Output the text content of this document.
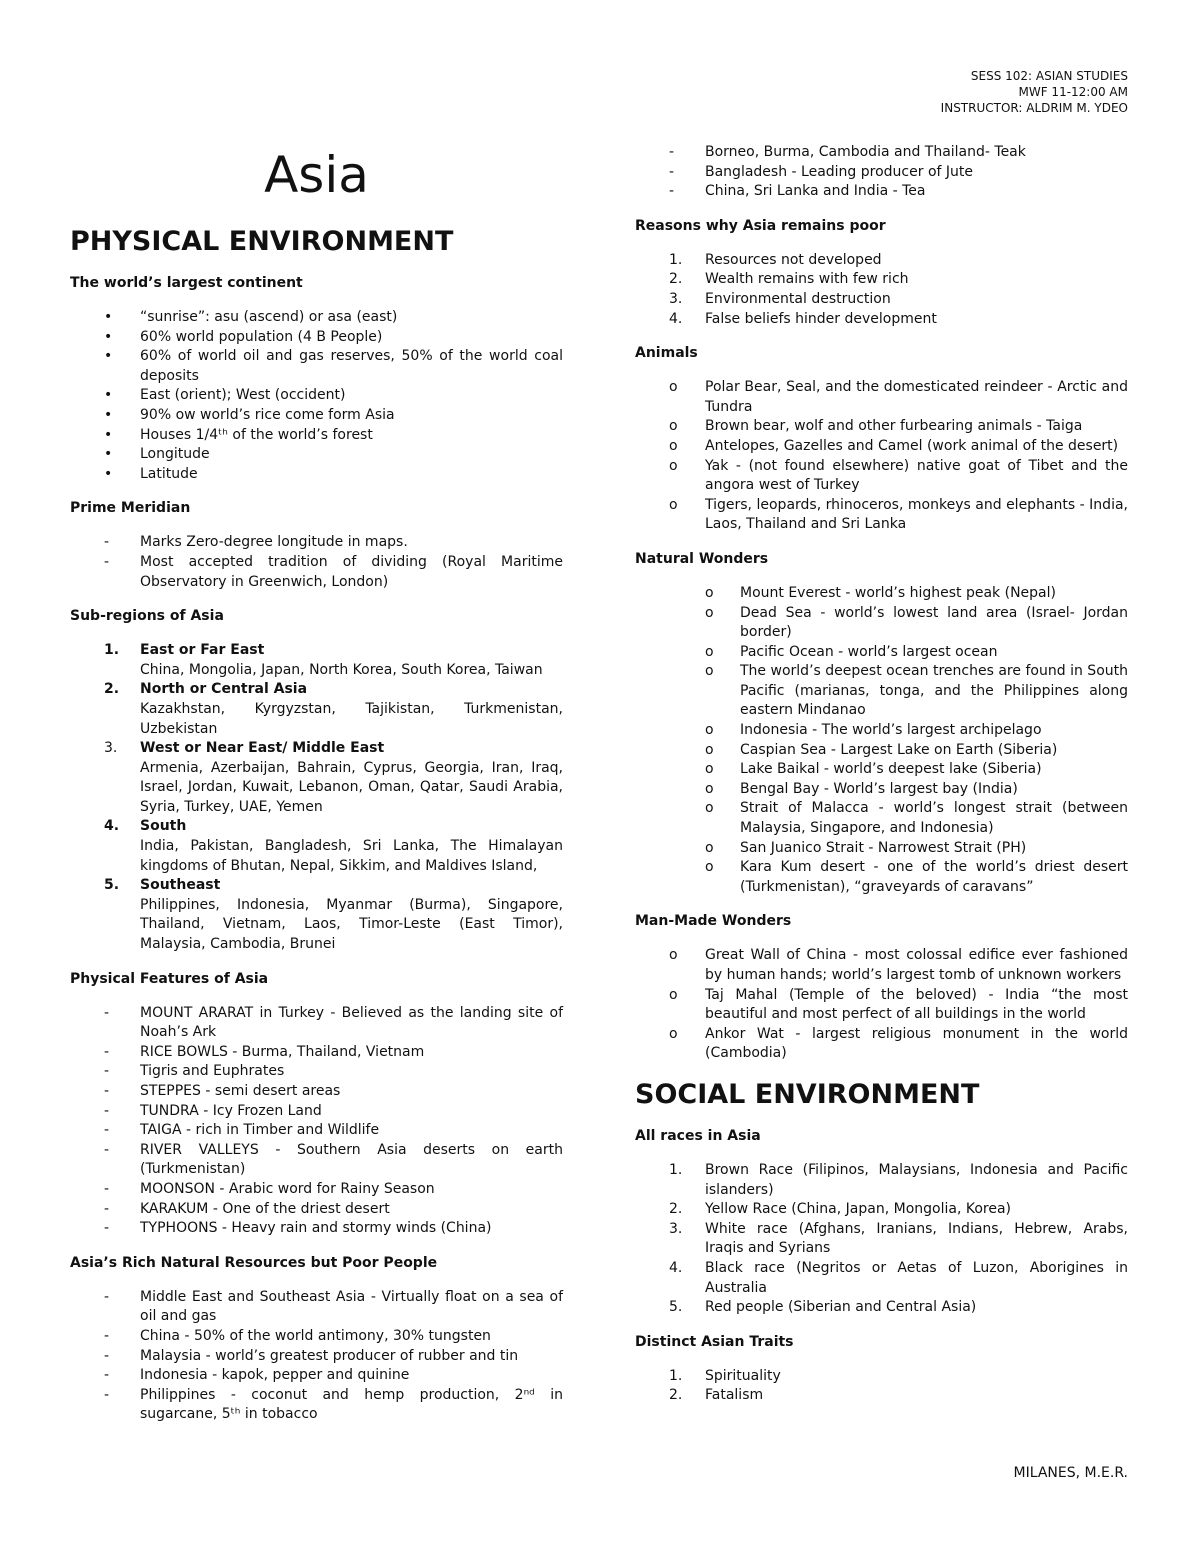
SESS 102: ASIAN STUDIES
MWF 11-12:00 AM
INSTRUCTOR: ALDRIM M. YDEO
Asia
PHYSICAL ENVIRONMENT
The world’s largest continent
• “sunrise”: asu (ascend) or asa (east)
• 60% world population (4 B People)
• 60% of world oil and gas reserves, 50% of the world coal deposits
• East (orient); West (occident)
• 90% ow world’s rice come form Asia
• Houses 1/4ᵗʰ of the world’s forest
• Longitude
• Latitude
Prime Meridian
- Marks Zero-degree longitude in maps.
- Most accepted tradition of dividing (Royal Maritime Observatory in Greenwich, London)
Sub-regions of Asia
1. East or Far East
China, Mongolia, Japan, North Korea, South Korea, Taiwan
2. North or Central Asia
Kazakhstan, Kyrgyzstan, Tajikistan, Turkmenistan, Uzbekistan
3. West or Near East/ Middle East
Armenia, Azerbaijan, Bahrain, Cyprus, Georgia, Iran, Iraq, Israel, Jordan, Kuwait, Lebanon, Oman, Qatar, Saudi Arabia, Syria, Turkey, UAE, Yemen
4. South
India, Pakistan, Bangladesh, Sri Lanka, The Himalayan kingdoms of Bhutan, Nepal, Sikkim, and Maldives Island,
5. Southeast
Philippines, Indonesia, Myanmar (Burma), Singapore, Thailand, Vietnam, Laos, Timor-Leste (East Timor), Malaysia, Cambodia, Brunei
Physical Features of Asia
- MOUNT ARARAT in Turkey - Believed as the landing site of Noah’s Ark
- RICE BOWLS - Burma, Thailand, Vietnam
- Tigris and Euphrates
- STEPPES - semi desert areas
- TUNDRA - Icy Frozen Land
- TAIGA - rich in Timber and Wildlife
- RIVER VALLEYS - Southern Asia deserts on earth (Turkmenistan)
- MOONSON - Arabic word for Rainy Season
- KARAKUM - One of the driest desert
- TYPHOONS - Heavy rain and stormy winds (China)
Asia’s Rich Natural Resources but Poor People
- Middle East and Southeast Asia - Virtually float on a sea of oil and gas
- China - 50% of the world antimony, 30% tungsten
- Malaysia - world’s greatest producer of rubber and tin
- Indonesia - kapok, pepper and quinine
- Philippines - coconut and hemp production, 2ⁿᵈ in sugarcane, 5ᵗʰ in tobacco
- Borneo, Burma, Cambodia and Thailand- Teak
- Bangladesh - Leading producer of Jute
- China, Sri Lanka and India - Tea
Reasons why Asia remains poor
1. Resources not developed
2. Wealth remains with few rich
3. Environmental destruction
4. False beliefs hinder development
Animals
o Polar Bear, Seal, and the domesticated reindeer - Arctic and Tundra
o Brown bear, wolf and other furbearing animals - Taiga
o Antelopes, Gazelles and Camel (work animal of the desert)
o Yak - (not found elsewhere) native goat of Tibet and the angora west of Turkey
o Tigers, leopards, rhinoceros, monkeys and elephants - India, Laos, Thailand and Sri Lanka
Natural Wonders
o Mount Everest - world’s highest peak (Nepal)
o Dead Sea - world’s lowest land area (Israel- Jordan border)
o Pacific Ocean - world’s largest ocean
o The world’s deepest ocean trenches are found in South Pacific (marianas, tonga, and the Philippines along eastern Mindanao
o Indonesia - The world’s largest archipelago
o Caspian Sea - Largest Lake on Earth (Siberia)
o Lake Baikal - world’s deepest lake (Siberia)
o Bengal Bay - World’s largest bay (India)
o Strait of Malacca - world’s longest strait (between Malaysia, Singapore, and Indonesia)
o San Juanico Strait - Narrowest Strait (PH)
o Kara Kum desert - one of the world’s driest desert (Turkmenistan), “graveyards of caravans”
Man-Made Wonders
o Great Wall of China - most colossal edifice ever fashioned by human hands; world’s largest tomb of unknown workers
o Taj Mahal (Temple of the beloved) - India “the most beautiful and most perfect of all buildings in the world
o Ankor Wat - largest religious monument in the world (Cambodia)
SOCIAL ENVIRONMENT
All races in Asia
1. Brown Race (Filipinos, Malaysians, Indonesia and Pacific islanders)
2. Yellow Race (China, Japan, Mongolia, Korea)
3. White race (Afghans, Iranians, Indians, Hebrew, Arabs, Iraqis and Syrians
4. Black race (Negritos or Aetas of Luzon, Aborigines in Australia
5. Red people (Siberian and Central Asia)
Distinct Asian Traits
1. Spirituality
2. Fatalism
MILANES, M.E.R.
